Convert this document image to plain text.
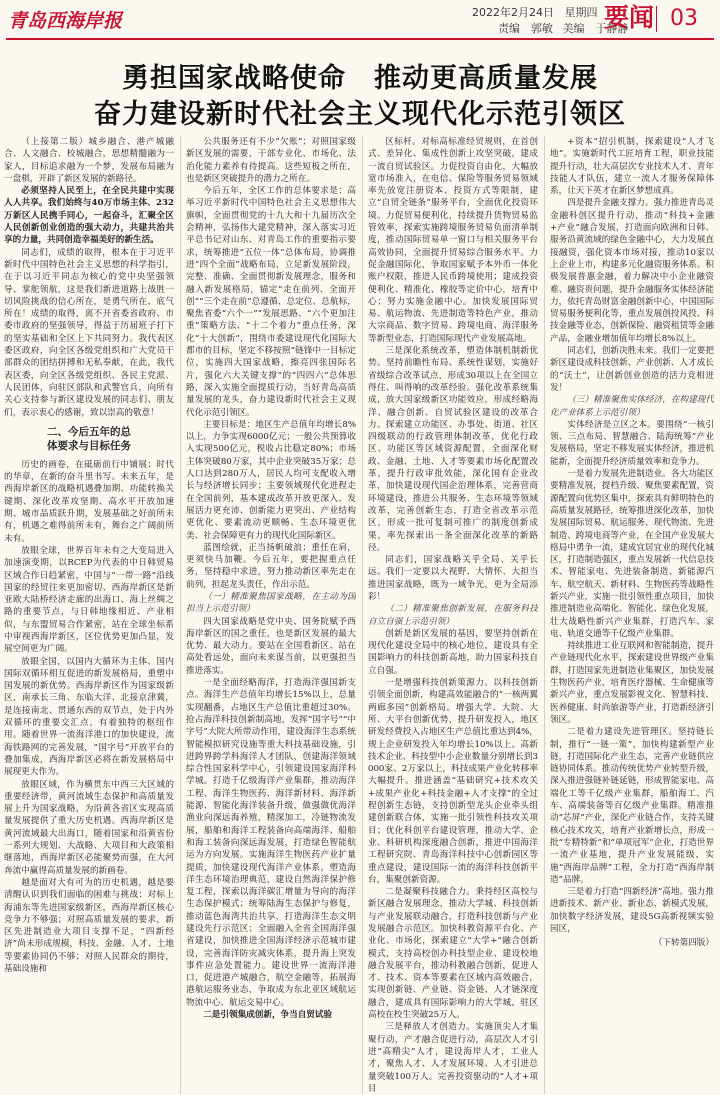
青岛西海岸报	2022年2月24日 星期四
责编　郭敏 美编　于静静
要闻 03
勇担国家战略使命　推动更高质量发展
奋力建设新时代社会主义现代化示范引领区

（上接第二版）城乡融合、港产城融合、人文融合、校城融合，思想精髓融为一家人，目标追求融为一个梦，发展布局融为一盘棋，开辟了新区发展的新路径。

必须坚持人民至上，在全民共建中实现人人共享。我们始终与40万市场主体、232万新区人民携手同心，一起奋斗，汇聚全区人民创新创业创造的强大动力，共建共治共享的力量，共同创造幸福美好的新生活。

同志们，成绩的取得，根本在于习近平新时代中国特色社会主义思想的科学指引，在于以习近平同志为核心的党中央坚强领导、掌舵领航，这是我们新进道路上战胜一切风险挑战的信心所在，是勇气所在、底气所在！成绩的取得，离不开省委省政府、市委市政府的坚强领导，得益于历届班子打下的坚实基础和全区上下共同努力。我代表区委区政府，向全区各级党组织和广大党员干部群众的团结拼搏和无私奉献，在此，我代表区委，向全区各级党组织、各民主党派、人民团体，向驻区部队和武警官兵，向所有关心支持参与新区建设发展的同志们、朋友们，表示衷心的感谢，致以崇高的敬意！

二、今后五年的总
体要求与目标任务

历史的画卷，在砥砺前行中铺展；时代的华章，在新的奋斗里书写。未来五年，是西海岸新区的战略机遇叠加期、功能转换关键期、深化改革攻坚期、高水平开放加速期、城市品质跃升期，发展基础之好前所未有，机遇之难得前所未有，舞台之广阔前所未有。

放眼全球，世界百年未有之大变局进入加速演变期，以RCEP为代表的中日韩贸易区域合作日趋紧密，中国与“一带一路”沿线国家的经贸往来更加密切、西海岸新区是新亚欧大陆桥经济走廊的出海口、海上丝绸之路的重要节点，与日韩地缘相近、产业相似，与东盟贸易合作紧密，站在全球坐标系中审视西海岸新区，区位优势更加凸显，发展空间更为广阔。

放眼全国，以国内大循环为主体、国内国际双循环相互促进的新发展格局，重塑中国发展的新优势。西海岸新区作为国家级新区，南承长三角、东临大洋、北接京津冀，是连接南北、贯通东西的双节点，处于内外双循环的重要交汇点，有着独特的枢纽作用。随着世界一流海洋港口的加快建设，流海铁路网的完善发展，“国字号”开放平台的叠加集成，西海岸新区必将在新发展格局中展现更大作为。

放眼区域，作为横贯东中西三大区域的重要经济带，黄河流域生态保护和高质量发展上升为国家战略，为沿黄各省区实现高质量发展提供了重大历史机遇。西海岸新区是黄河流域最大出海口，随着国家和沿黄省份一系列大规划、大战略、大项目和大政策相继落地，西海岸新区必能聚势而强，在大河奔流中赢得高质量发展的新画卷。

越是面对大有可为的历史机遇，越是要清醒认识到我们面临的困难与挑战：对标上海浦东等先进国家级新区，西海岸新区核心竞争力不够强；对照高质量发展的要求，新区先进制造业大项目支撑不足，“四新经济”尚未形成规模，科技、金融、人才、土地等要素协同仍不够；对照人民群众的期待，基础设施和

公共服务还有不少“欠账”；对照国家级新区发展的需要，干部专业化、市场化、法治化能力素养有待提高。这些短板之所在，也是新区突破提升的潜力之所在。

今后五年，全区工作的总体要求是：高举习近平新时代中国特色社会主义思想伟大旗帜，全面贯彻党的十九大和十九届历次全会精神，弘扬伟大建党精神，深入落实习近平总书记对山东、对青岛工作的重要指示要求，统筹推进“五位一体”总体布局，协调推进“四个全面”战略布局，立足新发展阶段，完整、准确、全面贯彻新发展理念，服务和融入新发展格局，锚定“走在前列、全面开创”“三个走在前”总遵循、总定位、总航标，聚焦省委“六个一”“发展思路、“六个更加注重”策略方法、“十二个着力”重点任务，深化“十大创新”，围绕市委建设现代化国际大都市的目标，坚定不移按照“链锋中一目标定位，实施四大国家战略，擦亮四张国际名片，强化六大关键支撑”的“四四六”总体思路，深入实施全面提质行动，当好青岛高质量发展的龙头，奋力建设新时代社会主义现代化示范引领区。

主要目标是：地区生产总值年均增长8%以上，力争实现6000亿元；一般公共预算收入实现500亿元，税收占比稳定80%；市场主体突破80万家，其中企业突破35万家；总人口达到280万人，居民人均可支配收入增长与经济增长同步；主要领域现代化进程走在全国前列，基本建成改革开放更深入、发展活力更充沛、创新能力更突出、产业结构更优化、要素流动更顺畅、生态环境更优美、社会保障更有力的现代化国际新区。

蓝图绘就，正当扬帆破浪；重任在肩，更须快马加鞭。今后五年，要把握重点任务，坚持稳中求进，努力推动新区率先走在前列，担起龙头责任，作出示范。

（ 一）精准聚焦国家战略，在主动为国担当上示范引领 ）

四大国家战略是党中央、国务院赋予西海岸新区的国之重任，也是新区发展的最大优势、最大动力。要站在全国看新区、站在高处看远处，面向未来谋当前，以更强担当推进落实。

一是全面经略海洋，打造海洋强国新支点。海洋生产总值年均增长15%以上，总量实现翻番，占地区生产总值比重超过30%。抢占海洋科技创新制高地，发挥“国字号”“中字号”大院大所带动作用，建设海洋生态系统智能模拟研究设施等重大科技基础设施，引进跨界跨学科海洋人才团队，创建海洋领域综合性国家科学中心，引领建设国家海洋科学城。打造千亿级海洋产业集群，推动海洋工程、海洋生物医药、海洋新材料、海洋新能源、智能化海洋装备升级，做强做优海洋渔业向深远海养殖，精深加工，冷链物流发展，船舶和海洋工程装备向高端海洋、船舶和海工装备向深远海发展，打造绿色智能航运为方向发展。实施海洋生物医药产业扩量提质，加快建设现代海洋产业体系，塑造海洋生态环境治理典范，建设自然海洋保护修复工程，探索以海洋碳汇增量为导向的海洋生态保护模式；统筹陆海生态保护与修复，推动蓝色海湾共治共享，打造海洋生态文明建设先行示范区；全面融入全省全国海洋强省建设，加快推进全国海洋经济示范城市建设，完善海洋防灾减灾体系，提升海上突发事件应急处置能力。建设世界一流海洋港口，促进港产城融合，航空金融等，拓展海港航运服务业态，争取成为东北亚区域航运物流中心、航运交易中心。

二是引领集成创新，争当自贸试验

区标杆。对标高标准经贸规则，在首创式、差异化、集成性创新上攻坚突破，建成一流自贸试验区。力促投资自由化，大幅放宽市场准入，在电信、保险等服务贸易领域率先放宽注册资本、投资方式等限制，建立“自贸全链条”服务平台，全面优化投资环境。力促贸易便利化，持续提升货物贸易监管效率，探索实施跨境服务贸易负面清单制度，推动国际贸易单一窗口与相关服务平台高效协同，全面提升贸易综合服务水平。力促金融国际化，争取国家赋予本外币一体化账户权限，推进人民币跨境使用；建成投资便利化、精准化、橡胶等定价中心，培育中心；努力实施金融中心。加快发展国际贸易、航运物流、先进制造等特色产业，推动大宗商品、数字贸易、跨境电商、海洋服务等新型业态，打造国际现代产业发展高地。

三是深化系统改革，塑造体制机制新优势。坚持前瞻性布局、系统性谋划，实施好省级综合改革试点，形成30项以上在全国立得住、叫得响的改革经验。强化改革系统集成，放大国家级新区功能效应，形成经略海洋、融合创新、自贸试验区建设的改革合力。探索建立功能区、办事处、街道、社区四级联动的行政管理体制改革，优化行政区、功能区等区域资源配置，全面深化财政、金融、土地、人才等要素市场化配置改革，提升行政审批效能，深化国有企业改革，加快建设现代国企治理体系，完善营商环境建设，推进公共服务、生态环境等领域改革，完善创新生态，打造全省改革示范区，形成一批可复制可推广的制度创新成果，率先探索出一条全面深化改革的新路径。

同志们，国家战略关乎全局、关乎长远。我们一定要以大视野、大情怀、大担当推进国家战略，既为一域争光，更为全局添彩！

（ 二）精准聚焦创新发展，在服务科技自立自强上示范引领 ）

创新是新区发展的基因，要坚持创新在现代化建设全局中的核心地位，建设具有全国影响力的科技创新高地，助力国家科技自立自强。

一是增强科技创新策源力。以科技创新引领全面创新，构建高效能融合的“一核两翼两廊多园”创新格局。增强大学、大院、大所、大平台创新优势，提升研发投入，地区研发经费投入占地区生产总值比重达到4%，规上企业研发投入年均增长10%以上。高新技术企业、科技型中小企业数量分别增长到3000家、2万家以上，科技成果产业化转移率大幅提升。推进涵盖“基础研究+技术攻关+成果产业化+科技金融+人才支撑”的全过程创新生态链，支持创新型龙头企业牵头组建创新联合体，实施一批引领性科技攻关项目；优化科创平台建设管理，推动大学、企业、科研机构深度融合创新，推进中国海洋工程研究院、青岛海洋科技中心创新园区等重点建设，建设国际一流的海洋科技创新平台，集聚创新资源。

二是凝聚科技融合力。秉持经区高校与新区融合发展理念，推动大学城、科技创新与产业发展联动融合，打造科技创新与产业发展融合示范区。加快科教资源平台化、产业化、市场化，探索建立“大学+”融合创新模式，支持高校创办科技型企业、建设校地融合发展平台，推动科教融合创新，促进人才、技术、资本等要素在区域内高效融合，实现创新链、产业链、资金链、人才链深度融合，建成具有国际影响力的大学城，驻区高校在校生突破25万人。

三是释放人才创造力。实施顶尖人才集聚行动，产才融合促进行动，高层次人才引进“高精尖”人才，建设海岸人才，工业人才，聚焦人才、人才发展环境、人才引进总量突破100万人。完善投资驱动的“人才+项目

+资本”招引机制，探索建设“人才飞地”。实施新时代工匠培育工程，职业技能提升行动，壮大高层次专业技术人才、青年技能人才队伍，建立一流人才服务保障体系，让天下英才在新区梦想成真。

四是提升金融支撑力。强力推进青岛灵金融科创区提升行动，推动“科技+金融+产业”融合发展，打造面向欧洲和日韩、服务沿黄流域的绿色金融中心，大力发展直接融资，强化资本市场对接，推动10家以上企业上市，构建多元化融资服务体系。积极发展普惠金融，着力解决中小企业融资难、融资贵问题，提升金融服务实体经济能力，依托青岛财富金融创新中心，中国国际贸易服务便利化等，重点发展创投风投、科技金融等业态，创新保险、融资租赁等金融产品，金融业增加值年均增长8%以上。

同志们，创新决胜未来。我们一定要把新区建设成科技创新、产业创新、人才成长的“沃土”，让创新创业创造的活力竞相迸发！

（ 三）精准聚焦实体经济，在构建现代化产业体系上示范引领 ）

实体经济是立区之本。要围绕“一核引领、三点布局、智慧融合、陆海统筹”产业发展格局，坚定不移发展实体经济，推进机能新，全面提升经济质量效率和竞争力。

一是着力发展先进制造业。各大功能区要精准发展，提档升级、聚焦要素配置，资源配置向优势区集中，探索具有鲜明特色的高质量发展路径，统筹推进深化改革，加快发展国际贸易、航运服务、现代物流、先进制造、跨境电商等产业，在全国产业发展大格局中勇争一流，建成宜居宜业的现代化城区，打造制造强区，重点发展新一代信息技术、智能家电、先进装备制造、新能源汽车、航空航天、新材料、生物医药等战略性新兴产业，实施一批引领性重点项目，加快推进制造业高端化、智能化、绿色化发展，壮大战略性新兴产业集群，打造汽车、家电、轨道交通等千亿级产业集群。

持续推进工业互联网和智能制造，提升产业链现代化水平，探索建设世界级产业集群，打造国家先进制造业集聚区，加快发展生物医药产业，培育医疗器械、生命健康等新兴产业，重点发展影视文化、智慧科技、医养健康、时尚旅游等产业，打造新经济引领区。

二是着力建设先进管理区。坚持链长制，推行“一链一策”，加快构建新型产业链，打造国际化产业生态，完善产业链供应链协同体系。推动传统优势产业转型升级，深入推进强链补链延链，形成智能家电、高端化工等千亿级产业集群，船舶海工、汽车、高端装备等百亿级产业集群。精准推动“芯屏”产业，深化产业链合作，支持关键核心技术攻关，培育产业新增长点，形成一批“专精特新”和“单项冠军”企业，打造世界一流产业基地，提升产业发展能级，实施“西海岸品牌”工程，全力打造“西海岸制造”品牌。

三是着力打造“四新经济”高地。强力推进新技术、新产业、新业态、新模式发展，加快数字经济发展，建设5G高新视频实验园区，

（下转第四版）
